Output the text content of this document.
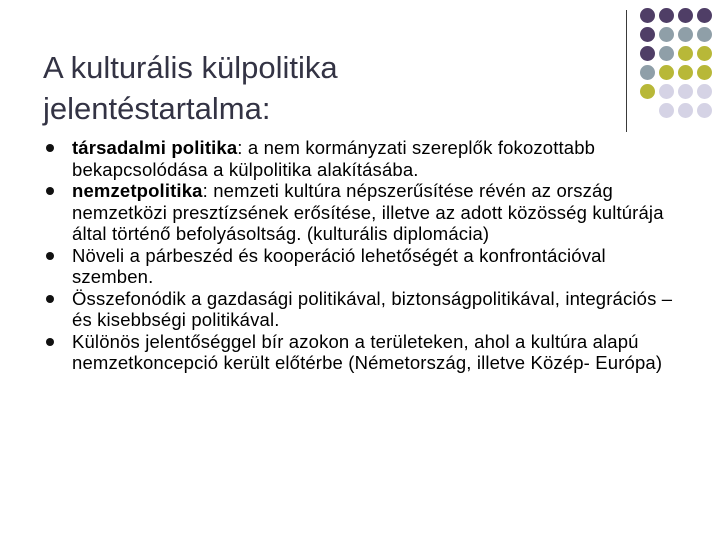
A kulturális külpolitika
jelentéstartalma:
társadalmi politika: a nem kormányzati szereplők fokozottabb bekapcsolódása a külpolitika alakításába.
nemzetpolitika: nemzeti kultúra népszerűsítése révén az ország nemzetközi presztízsének erősítése, illetve az adott közösség kultúrája által történő befolyásoltság. (kulturális diplomácia)
Növeli a párbeszéd és kooperáció lehetőségét a konfrontációval szemben.
Összefonódik a gazdasági politikával, biztonságpolitikával, integrációs –és kisebbségi politikával.
Különös jelentőséggel bír azokon a területeken, ahol a kultúra alapú nemzetkoncepció került előtérbe (Németország, illetve Közép- Európa)
